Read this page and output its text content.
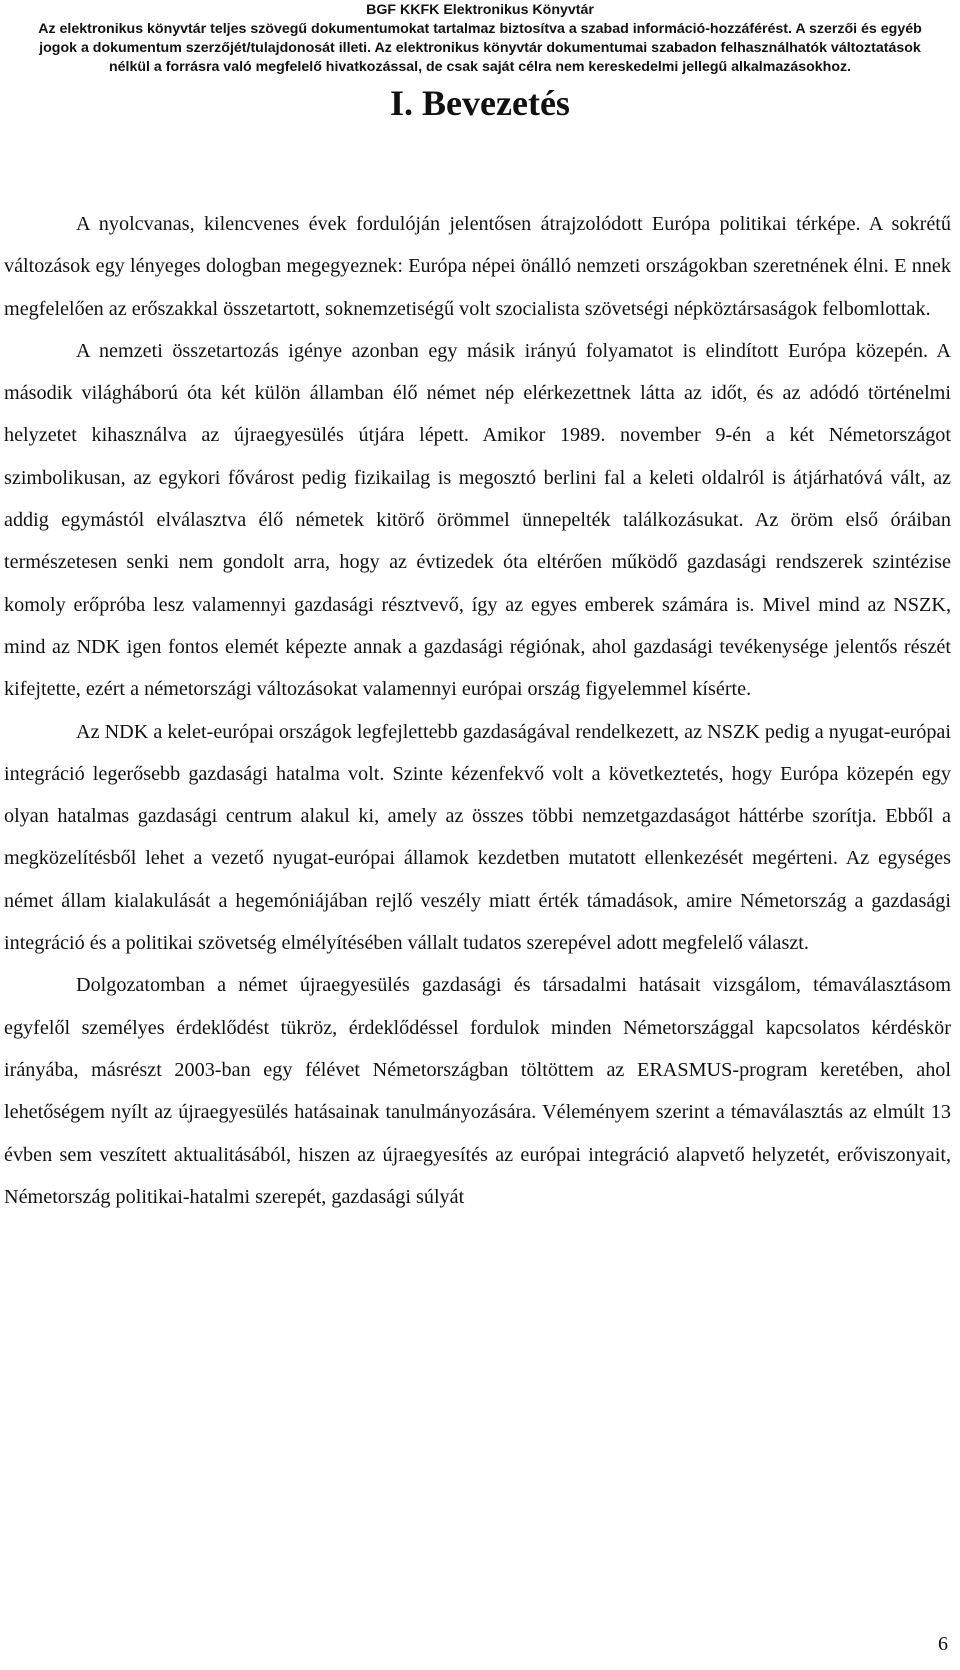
BGF KKFK Elektronikus Könyvtár
Az elektronikus könyvtár teljes szövegű dokumentumokat tartalmaz biztosítva a szabad információ-hozzáférést. A szerzői és egyéb
jogok a dokumentum szerzőjét/tulajdonosát illeti. Az elektronikus könyvtár dokumentumai szabadon felhasználhatók változtatások
nélkül a forrásra való megfelelő hivatkozással, de csak saját célra nem kereskedelmi jellegű alkalmazásokhoz.
I. Bevezetés

A nyolcvanas, kilencvenes évek fordulóján jelentősen átrajzolódott Európa politikai térképe. A sokrétű változások egy lényeges dologban megegyeznek: Európa népei önálló nemzeti országokban szeretnének élni. E nnek megfelelően az erőszakkal összetartott, soknemzetiségű volt szocialista szövetségi népköztársaságok felbomlottak.

A nemzeti összetartozás igénye azonban egy másik irányú folyamatot is elindított Európa közepén. A második világháború óta két külön államban élő német nép elérkezettnek látta az időt, és az adódó történelmi helyzetet kihasználva az újraegyesülés útjára lépett. Amikor 1989. november 9-én a két Németországot szimbolikusan, az egykori fővárost pedig fizikailag is megosztó berlini fal a keleti oldalról is átjárhatóvá vált, az addig egymástól elválasztva élő németek kitörő örömmel ünnepelték találkozásukat. Az öröm első óráiban természetesen senki nem gondolt arra, hogy az évtizedek óta eltérően működő gazdasági rendszerek szintézise komoly erőpróba lesz valamennyi gazdasági résztvevő, így az egyes emberek számára is. Mivel mind az NSZK, mind az NDK igen fontos elemét képezte annak a gazdasági régiónak, ahol gazdasági tevékenysége jelentős részét kifejtette, ezért a németországi változásokat valamennyi európai ország figyelemmel kísérte.

Az NDK a kelet-európai országok legfejlettebb gazdaságával rendelkezett, az NSZK pedig a nyugat-európai integráció legerősebb gazdasági hatalma volt. Szinte kézenfekvő volt a következtetés, hogy Európa közepén egy olyan hatalmas gazdasági centrum alakul ki, amely az összes többi nemzetgazdaságot háttérbe szorítja. Ebből a megközelítésből lehet a vezető nyugat-európai államok kezdetben mutatott ellenkezését megérteni. Az egységes német állam kialakulását a hegemóniájában rejlő veszély miatt érték támadások, amire Németország a gazdasági integráció és a politikai szövetség elmélyítésében vállalt tudatos szerepével adott megfelelő választ.

Dolgozatomban a német újraegyesülés gazdasági és társadalmi hatásait vizsgálom, témaválasztásom egyfelől személyes érdeklődést tükröz, érdeklődéssel fordulok minden Németországgal kapcsolatos kérdéskör irányába, másrészt 2003-ban egy félévet Németországban töltöttem az ERASMUS-program keretében, ahol lehetőségem nyílt az újraegyesülés hatásainak tanulmányozására. Véleményem szerint a témaválasztás az elmúlt 13 évben sem veszített aktualitásából, hiszen az újraegyesítés az európai integráció alapvető helyzetét, erőviszonyait, Németország politikai-hatalmi szerepét, gazdasági súlyát

6
